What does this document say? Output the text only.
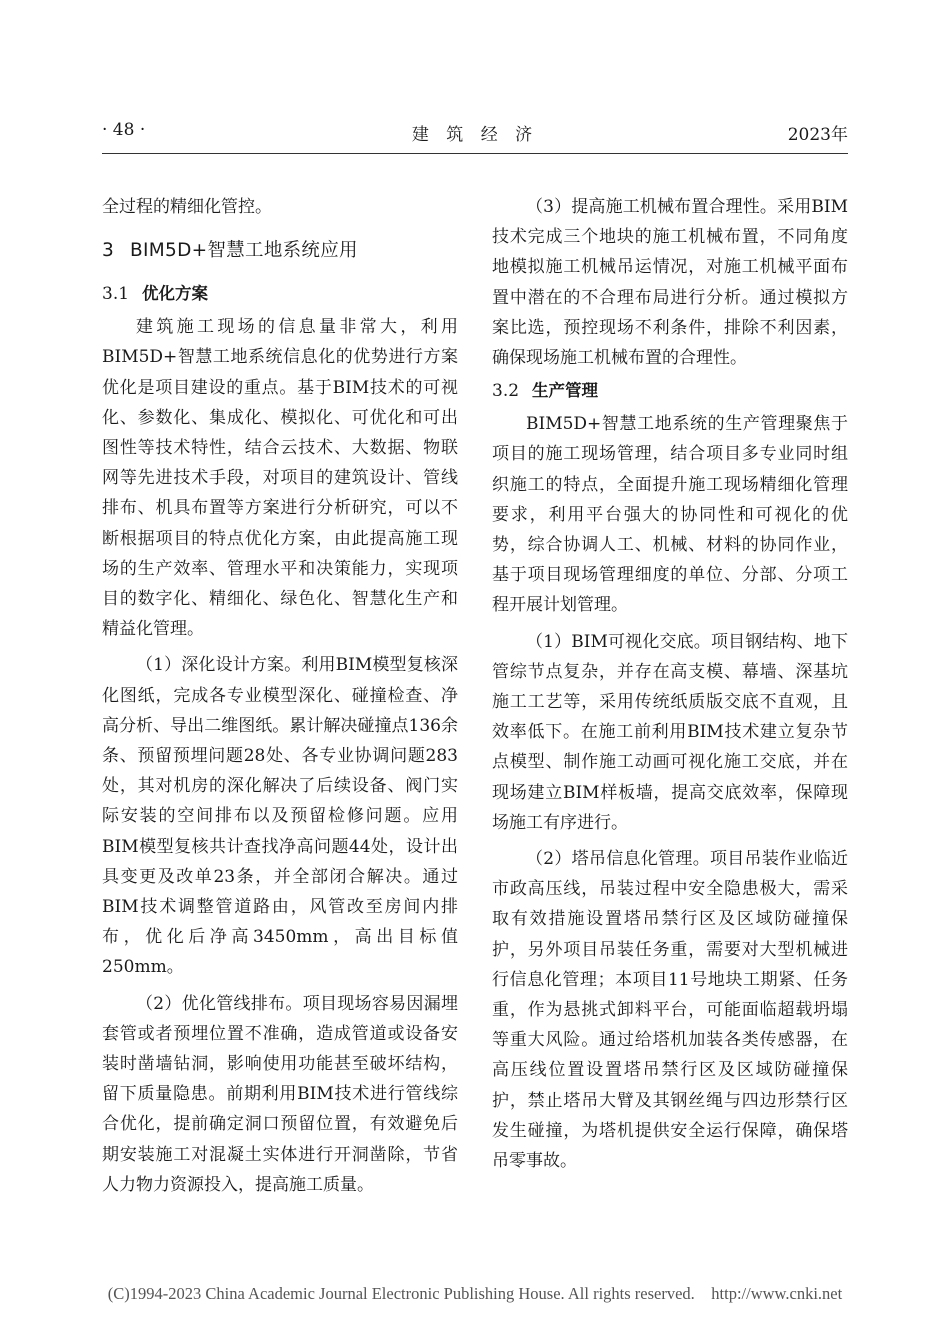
· 48 ·	建 筑 经 济	2023年

全过程的精细化管控。

3 BIM5D+智慧工地系统应用
3.1 优化方案

建筑施工现场的信息量非常大，利用BIM5D+智慧工地系统信息化的优势进行方案优化是项目建设的重点。基于BIM技术的可视化、参数化、集成化、模拟化、可优化和可出图性等技术特性，结合云技术、大数据、物联网等先进技术手段，对项目的建筑设计、管线排布、机具布置等方案进行分析研究，可以不断根据项目的特点优化方案，由此提高施工现场的生产效率、管理水平和决策能力，实现项目的数字化、精细化、绿色化、智慧化生产和精益化管理。

（1）深化设计方案。利用BIM模型复核深化图纸，完成各专业模型深化、碰撞检查、净高分析、导出二维图纸。累计解决碰撞点136余条、预留预埋问题28处、各专业协调问题283处，其对机房的深化解决了后续设备、阀门实际安装的空间排布以及预留检修问题。应用BIM模型复核共计查找净高问题44处，设计出具变更及改单23条，并全部闭合解决。通过BIM技术调整管道路由，风管改至房间内排布，优化后净高3450mm，高出目标值250mm。

（2）优化管线排布。项目现场容易因漏埋套管或者预埋位置不准确，造成管道或设备安装时凿墙钻洞，影响使用功能甚至破坏结构，留下质量隐患。前期利用BIM技术进行管线综合优化，提前确定洞口预留位置，有效避免后期安装施工对混凝土实体进行开洞凿除，节省人力物力资源投入，提高施工质量。

（3）提高施工机械布置合理性。采用BIM技术完成三个地块的施工机械布置，不同角度地模拟施工机械吊运情况，对施工机械平面布置中潜在的不合理布局进行分析。通过模拟方案比选，预控现场不利条件，排除不利因素，确保现场施工机械布置的合理性。

3.2 生产管理

BIM5D+智慧工地系统的生产管理聚焦于项目的施工现场管理，结合项目多专业同时组织施工的特点，全面提升施工现场精细化管理要求，利用平台强大的协同性和可视化的优势，综合协调人工、机械、材料的协同作业，基于项目现场管理细度的单位、分部、分项工程开展计划管理。

（1）BIM可视化交底。项目钢结构、地下管综节点复杂，并存在高支模、幕墙、深基坑施工工艺等，采用传统纸质版交底不直观，且效率低下。在施工前利用BIM技术建立复杂节点模型、制作施工动画可视化施工交底，并在现场建立BIM样板墙，提高交底效率，保障现场施工有序进行。

（2）塔吊信息化管理。项目吊装作业临近市政高压线，吊装过程中安全隐患极大，需采取有效措施设置塔吊禁行区及区域防碰撞保护，另外项目吊装任务重，需要对大型机械进行信息化管理；本项目11号地块工期紧、任务重，作为悬挑式卸料平台，可能面临超载坍塌等重大风险。通过给塔机加装各类传感器，在高压线位置设置塔吊禁行区及区域防碰撞保护，禁止塔吊大臂及其钢丝绳与四边形禁行区发生碰撞，为塔机提供安全运行保障，确保塔吊零事故。

(C)1994-2023 China Academic Journal Electronic Publishing House. All rights reserved. http://www.cnki.net
